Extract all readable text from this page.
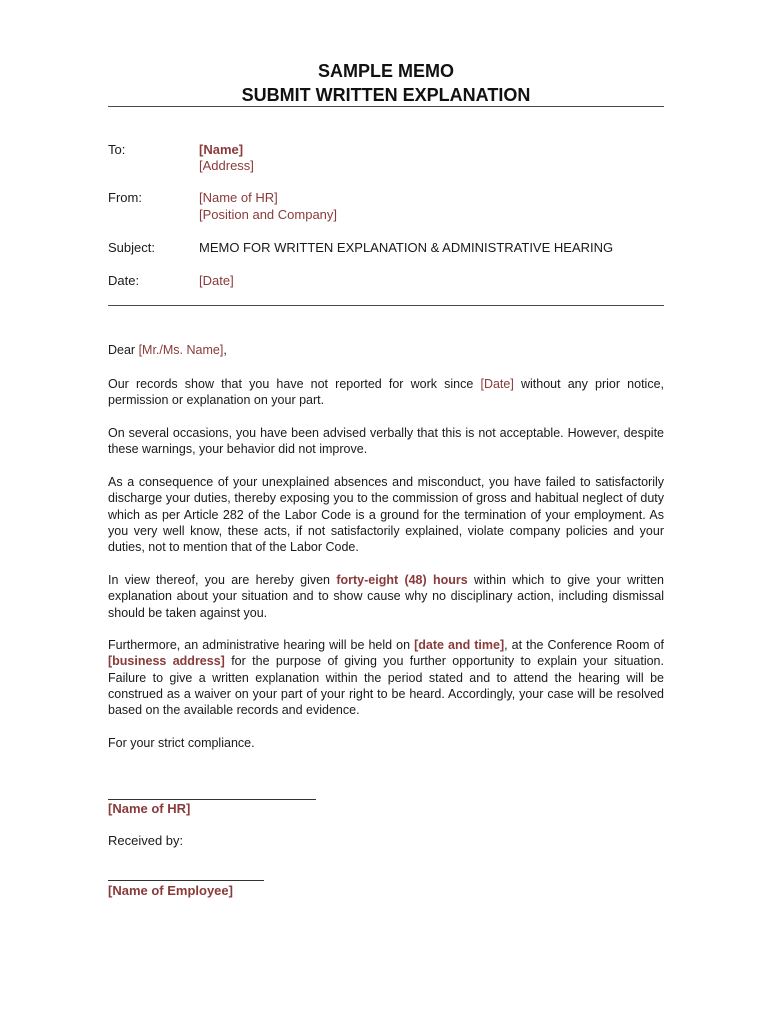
SAMPLE MEMO
SUBMIT WRITTEN EXPLANATION
To:	[Name]
[Address]
From:	[Name of HR]
[Position and Company]
Subject:	MEMO FOR WRITTEN EXPLANATION & ADMINISTRATIVE HEARING
Date:	[Date]

Dear [Mr./Ms. Name],

Our records show that you have not reported for work since [Date] without any prior notice, permission or explanation on your part.

On several occasions, you have been advised verbally that this is not acceptable. However, despite these warnings, your behavior did not improve.

As a consequence of your unexplained absences and misconduct, you have failed to satisfactorily discharge your duties, thereby exposing you to the commission of gross and habitual neglect of duty which as per Article 282 of the Labor Code is a ground for the termination of your employment. As you very well know, these acts, if not satisfactorily explained, violate company policies and your duties, not to mention that of the Labor Code.

In view thereof, you are hereby given forty-eight (48) hours within which to give your written explanation about your situation and to show cause why no disciplinary action, including dismissal should be taken against you.

Furthermore, an administrative hearing will be held on [date and time], at the Conference Room of [business address] for the purpose of giving you further opportunity to explain your situation. Failure to give a written explanation within the period stated and to attend the hearing will be construed as a waiver on your part of your right to be heard. Accordingly, your case will be resolved based on the available records and evidence.

For your strict compliance.

[Name of HR]
Received by:
[Name of Employee]
